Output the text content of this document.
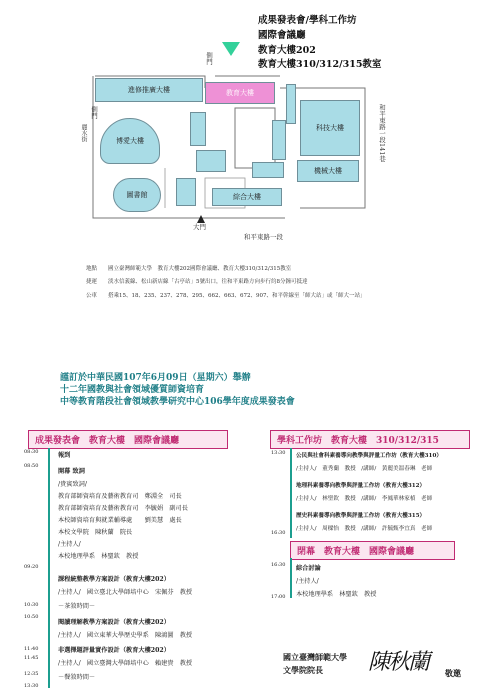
成果發表會/學科工作坊
國際會議廳
教育大樓202
教育大樓310/312/315教室
進修推廣大樓	教育大樓
博愛大樓
圖書館
科技大樓
機械大樓
綜合大樓
側門
側門
麗水街	和平東路一段141巷
大門
和平東路一段
地點 國立臺灣師範大學　教育大樓202國際會議廳、教育大樓310/312/315教室
捷運 淡水信義線、松山新店線「古亭站」5號出口，往和平東路方向步行約8分鐘可抵達
公車 搭乘15、18、235、237、278、295、662、663、672、907、和平幹線至「師大站」或「師大一站」
謹訂於中華民國107年6月09日（星期六）舉辦
十二年國教與社會領域優質師資培育
中等教育階段社會領域教學研究中心106學年度成果發表會
成果發表會　教育大樓　國際會議廳
08:30
08:50
09:20
10:30
10:50
11:40
11:45
12:35
13:30
報到
開幕 致詞
/貴賓致詞/
教育部師資培育及藝術教育司　鄭淵全　司長
教育部師資培育及藝術教育司　李毓娟　副司長
本校師資培育與就業輔導處　　劉美慧　處長
本校文學院　陳秋蘭　院長
/主持人/
本校地理學系　林聖欽　教授
課程統整教學方案設計（教育大樓202）
/主持人/　國立臺北大學師培中心　宋佩芬　教授
－茶敘時間－
閱讀理解教學方案設計（教育大樓202）
/主持人/　國立東華大學歷史學系　陳鴻圖　教授
非選擇題評量實作設計（教育大樓202）
/主持人/　國立臺灣大學師培中心　賴建貴　教授
－餐敘時間－
學科工作坊　教育大樓　310/312/315
13:30
16:30
公民與社會科素養導向教學與評量工作坊（教育大樓310）
/主持人/　董秀蘭　教授　/講師/　黃麗美溫春琳　老師
地理科素養導向教學與評量工作坊（教育大樓312）
/主持人/　林聖欽　教授　/講師/　李鳳華林家楨　老師
歷史科素養導向教學與評量工作坊（教育大樓315）
/主持人/　周樑怡　教授　/講師/　許毓甄李宜真　老師
閉幕　教育大樓　國際會議廳
16:30
17:00
綜合討論
/主持人/
本校地理學系　林聖欽　教授
國立臺灣師範大學
文學院院長 陳秋蘭 敬邀
